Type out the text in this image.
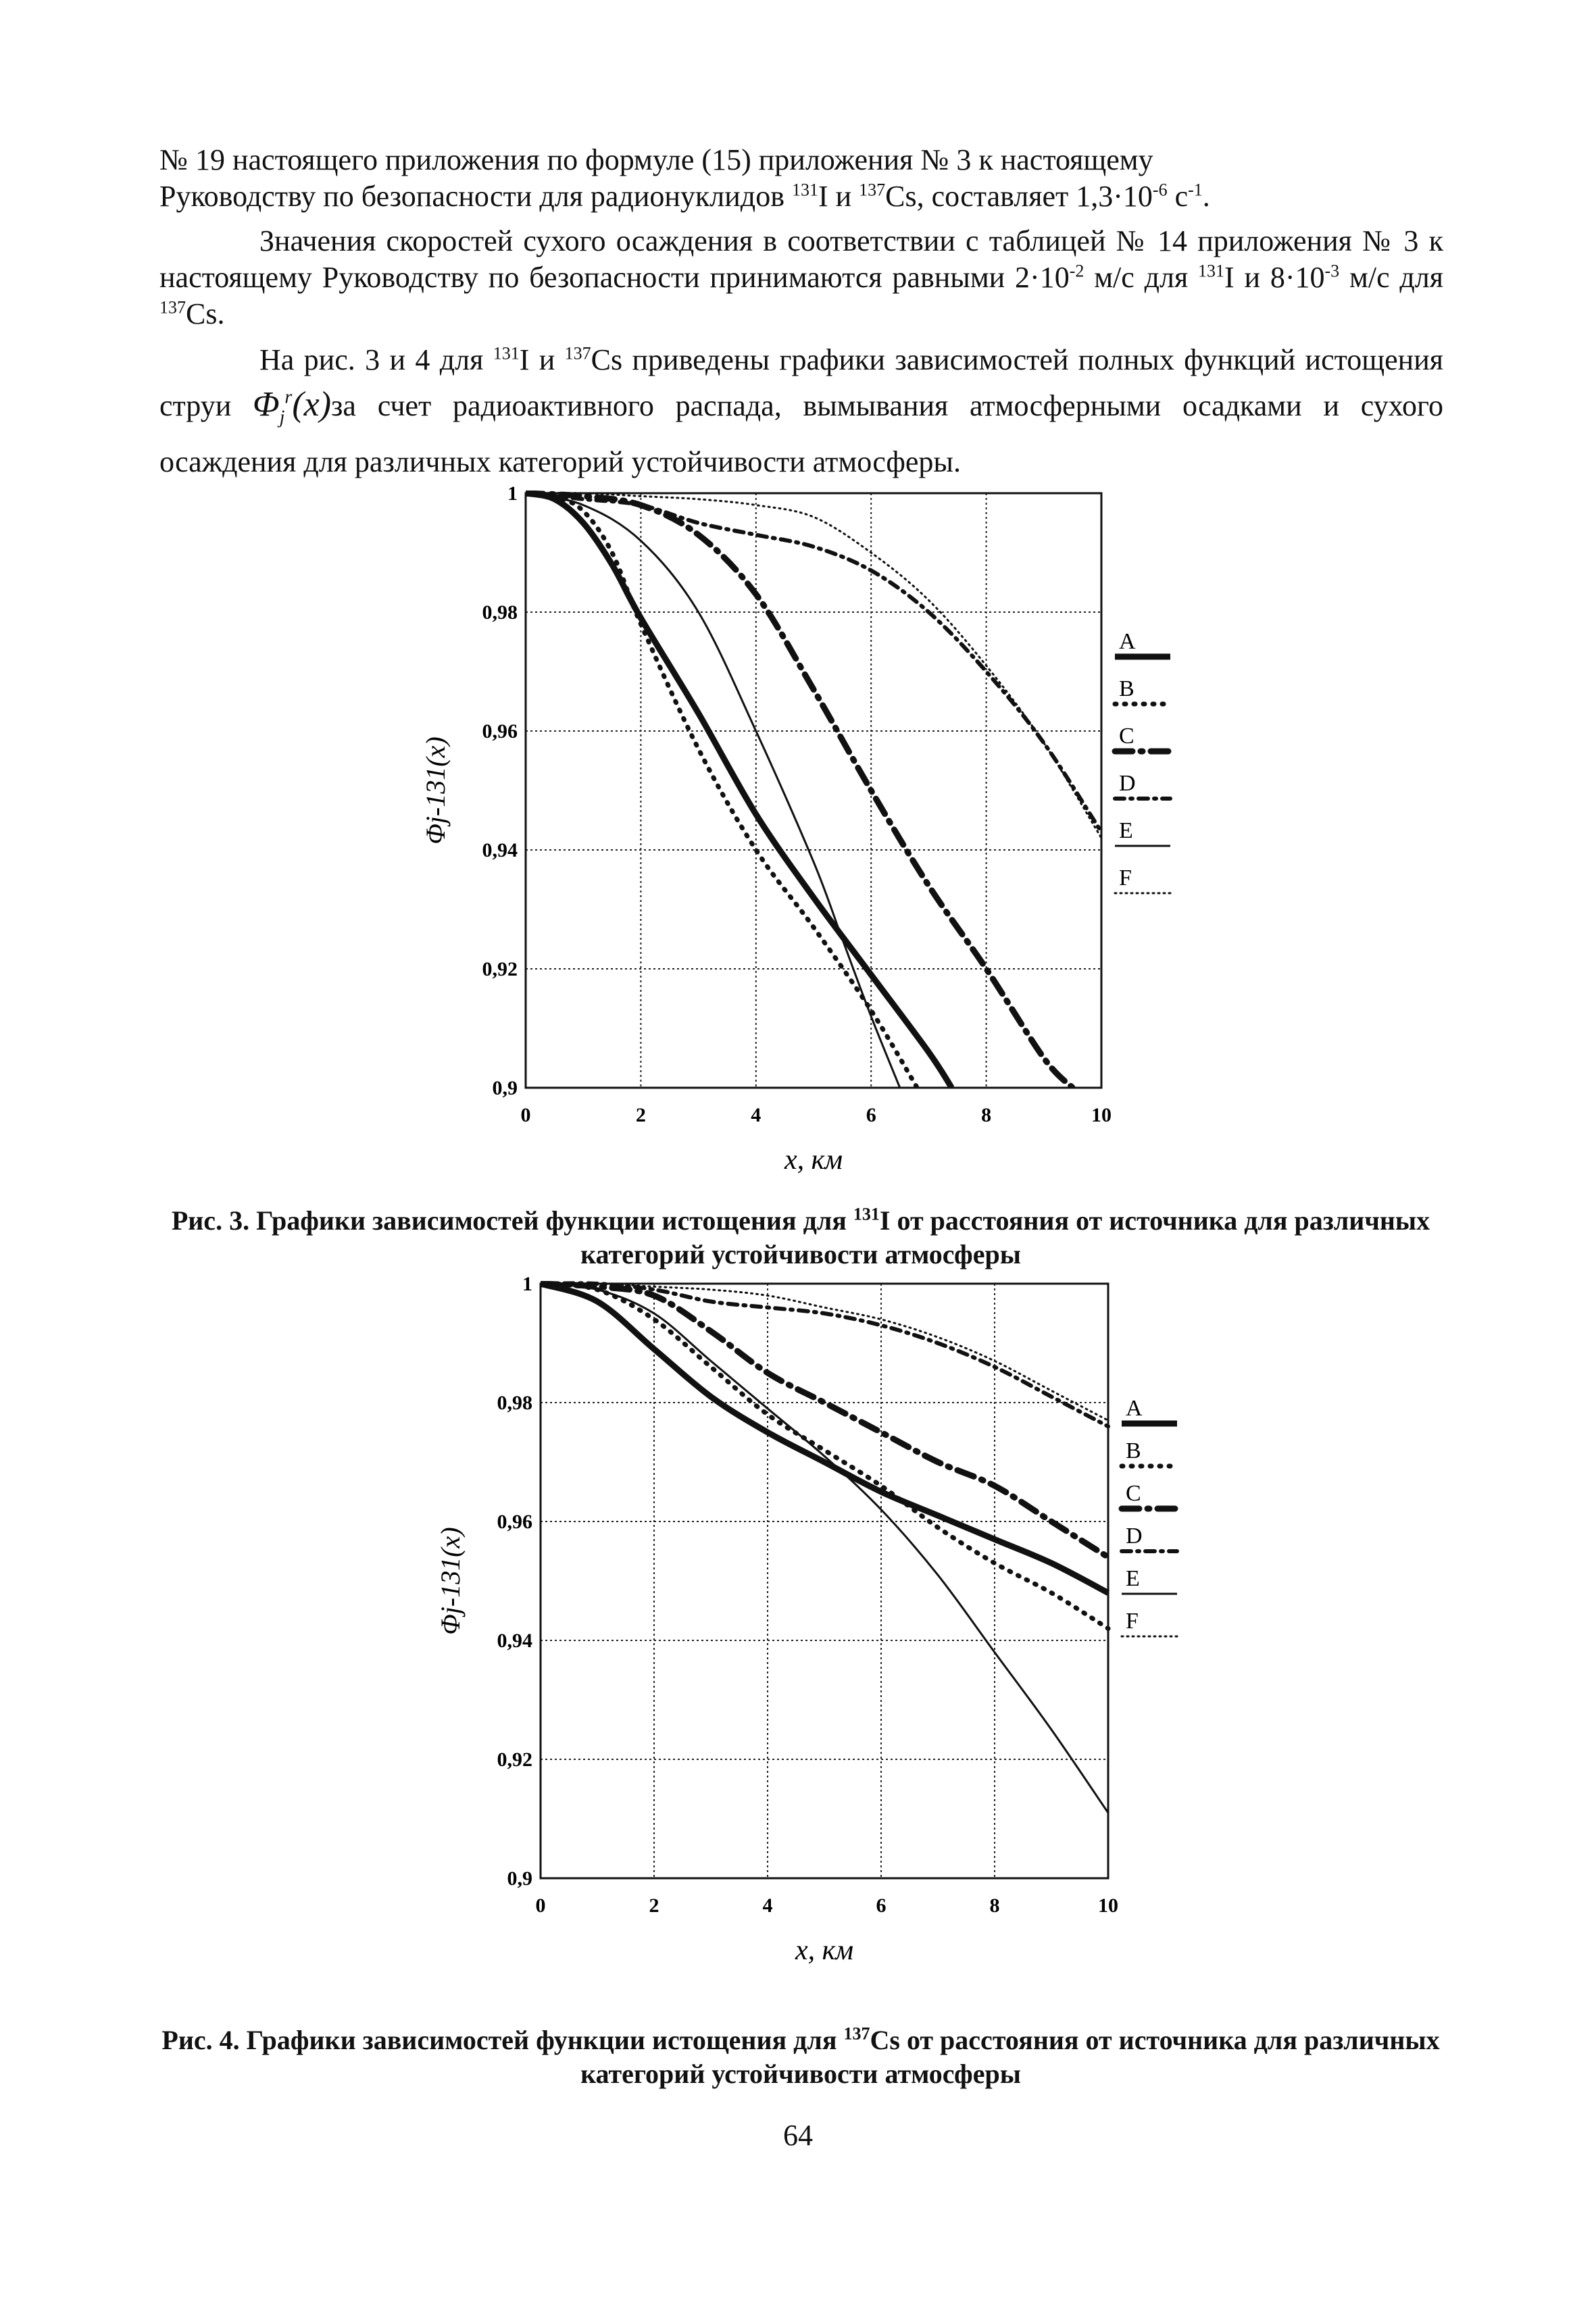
№ 19 настоящего приложения по формуле (15) приложения № 3 к настоящему
Руководству по безопасности для радионуклидов $^{131}$I и $^{137}$Cs, составляет $1,3\cdot 10^{-6}$ $с^{-1}$.
Значения скоростей сухого осаждения в соответствии с таблицей № 14 приложения № 3 к настоящему Руководству по безопасности принимаются равными $2\cdot 10^{-2}$ м/с для $^{131}$I и $8\cdot 10^{-3}$ м/с для $^{137}$Cs.
На рис. 3 и 4 для $^{131}$I и $^{137}$Cs приведены графики зависимостей полных функций истощения струи $\Phi_j^r(x)за$ счет радиоактивного распада, вымывания атмосферными осадками и сухого осаждения для различных категорий устойчивости атмосферы.
0	2	4	6	8	10
0,9
0,92
0,94
0,96
0,98
1
A
B
C
D
E
F
Φj-131(x)
x, км
Рис. 3. Графики зависимостей функции истощения для $^{131}$I от расстояния от источника для различных категорий устойчивости атмосферы
0	2	4	6	8	10
0,9
0,92
0,94
0,96
0,98
1
A
B
C
D
E
F
Φj-131(x)
x, км
Рис. 4. Графики зависимостей функции истощения для $^{137}$Cs от расстояния от источника для различных категорий устойчивости атмосферы
64
